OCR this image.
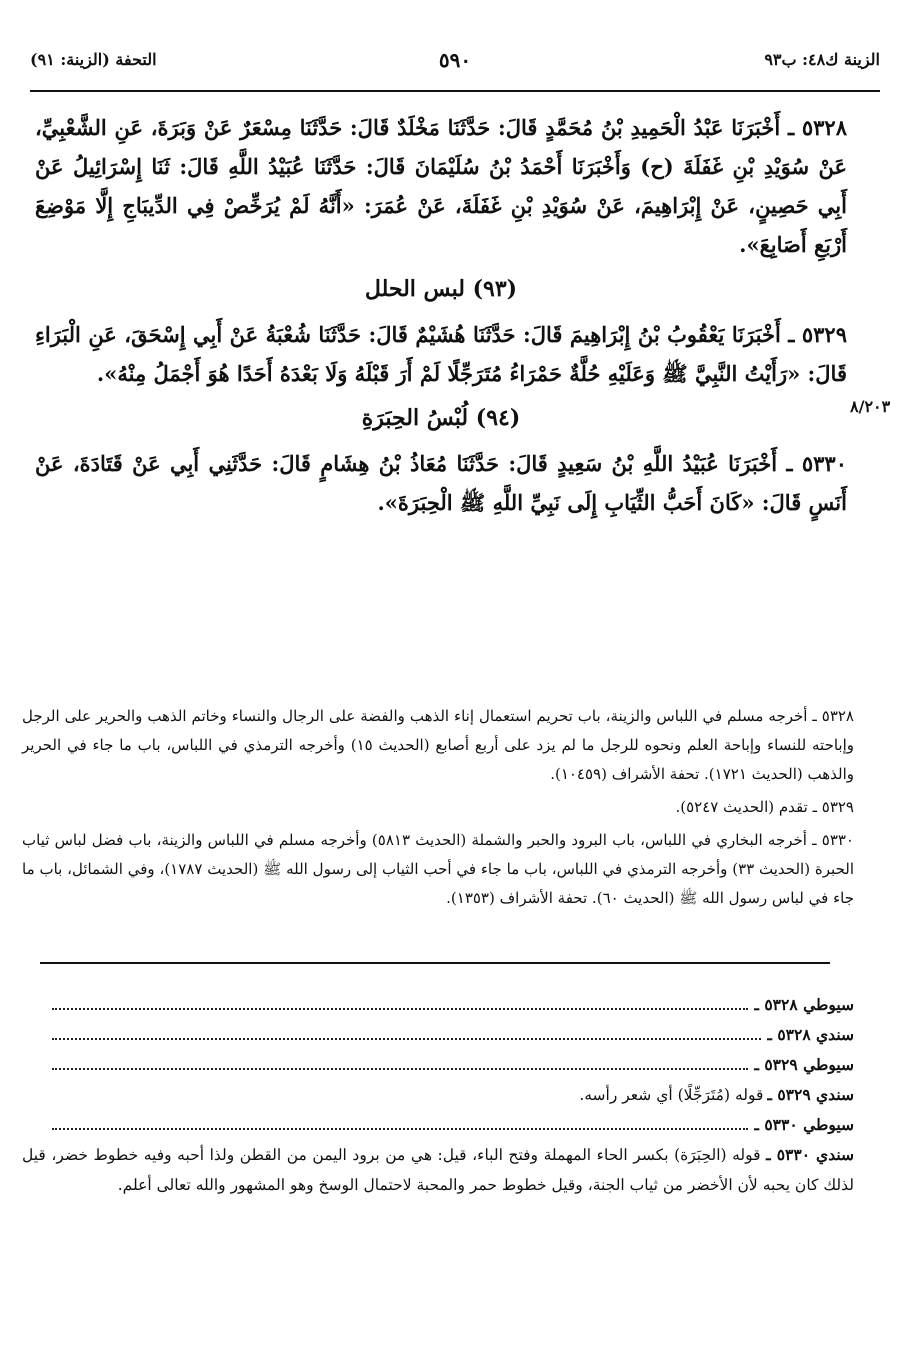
الزينة ك٤٨: ب٩٣
٥٩٠
التحفة (الزينة: ٩١)
٨/٢٠٣

٥٣٢٨ ـ أَخْبَرَنَا عَبْدُ الْحَمِيدِ بْنُ مُحَمَّدٍ قَالَ: حَدَّثَنَا مَخْلَدٌ قَالَ: حَدَّثَنَا مِسْعَرٌ عَنْ وَبَرَةَ، عَنِ الشَّعْبِيِّ، عَنْ سُوَيْدِ بْنِ غَفَلَةَ (ح) وَأَخْبَرَنَا أَحْمَدُ بْنُ سُلَيْمَانَ قَالَ: حَدَّثَنَا عُبَيْدُ اللَّهِ قَالَ: ثَنَا إِسْرَائِيلُ عَنْ أَبِي حَصِينٍ، عَنْ إِبْرَاهِيمَ، عَنْ سُوَيْدِ بْنِ غَفَلَةَ، عَنْ عُمَرَ: «أَنَّهُ لَمْ يُرَخِّصْ فِي الدِّيبَاجِ إِلَّا مَوْضِعَ أَرْبَعِ أَصَابِعَ».

(٩٣) لبس الحلل

٥٣٢٩ ـ أَخْبَرَنَا يَعْقُوبُ بْنُ إِبْرَاهِيمَ قَالَ: حَدَّثَنَا هُشَيْمٌ قَالَ: حَدَّثَنَا شُعْبَةُ عَنْ أَبِي إِسْحَقَ، عَنِ الْبَرَاءِ قَالَ: «رَأَيْتُ النَّبِيَّ ﷺ وَعَلَيْهِ حُلَّةٌ حَمْرَاءُ مُتَرَجِّلًا لَمْ أَرَ قَبْلَهُ وَلَا بَعْدَهُ أَحَدًا هُوَ أَجْمَلُ مِنْهُ».

(٩٤) لُبْسُ الحِبَرَةِ

٥٣٣٠ ـ أَخْبَرَنَا عُبَيْدُ اللَّهِ بْنُ سَعِيدٍ قَالَ: حَدَّثَنَا مُعَاذُ بْنُ هِشَامٍ قَالَ: حَدَّثَنِي أَبِي عَنْ قَتَادَةَ، عَنْ أَنَسٍ قَالَ: «كَانَ أَحَبُّ الثِّيَابِ إِلَى نَبِيِّ اللَّهِ ﷺ الْحِبَرَةَ».

٥٣٢٨ ـ أخرجه مسلم في اللباس والزينة، باب تحريم استعمال إناء الذهب والفضة على الرجال والنساء وخاتم الذهب والحرير على الرجل وإباحته للنساء وإباحة العلم ونحوه للرجل ما لم يزد على أربع أصابع (الحديث ١٥) وأخرجه الترمذي في اللباس، باب ما جاء في الحرير والذهب (الحديث ١٧٢١). تحفة الأشراف (١٠٤٥٩).

٥٣٢٩ ـ تقدم (الحديث ٥٢٤٧).

٥٣٣٠ ـ أخرجه البخاري في اللباس، باب البرود والحبر والشملة (الحديث ٥٨١٣) وأخرجه مسلم في اللباس والزينة، باب فضل لباس ثياب الحبرة (الحديث ٣٣) وأخرجه الترمذي في اللباس، باب ما جاء في أحب الثياب إلى رسول الله ﷺ (الحديث ١٧٨٧)، وفي الشمائل، باب ما جاء في لباس رسول الله ﷺ (الحديث ٦٠). تحفة الأشراف (١٣٥٣).

سيوطي ٥٣٢٨ ـ
سندي ٥٣٢٨ ـ
سيوطي ٥٣٢٩ ـ
سندي ٥٣٢٩ ـ
قوله (مُتَرَجِّلًا) أي شعر رأسه.
سيوطي ٥٣٣٠ ـ
سندي ٥٣٣٠ ـ قوله (الحِبَرَة) بكسر الحاء المهملة وفتح الباء، قيل: هي من برود اليمن من القطن ولذا أحبه وفيه خطوط خضر، قيل لذلك كان يحبه لأن الأخضر من ثياب الجنة، وقيل خطوط حمر والمحبة لاحتمال الوسخ وهو المشهور والله تعالى أعلم.
